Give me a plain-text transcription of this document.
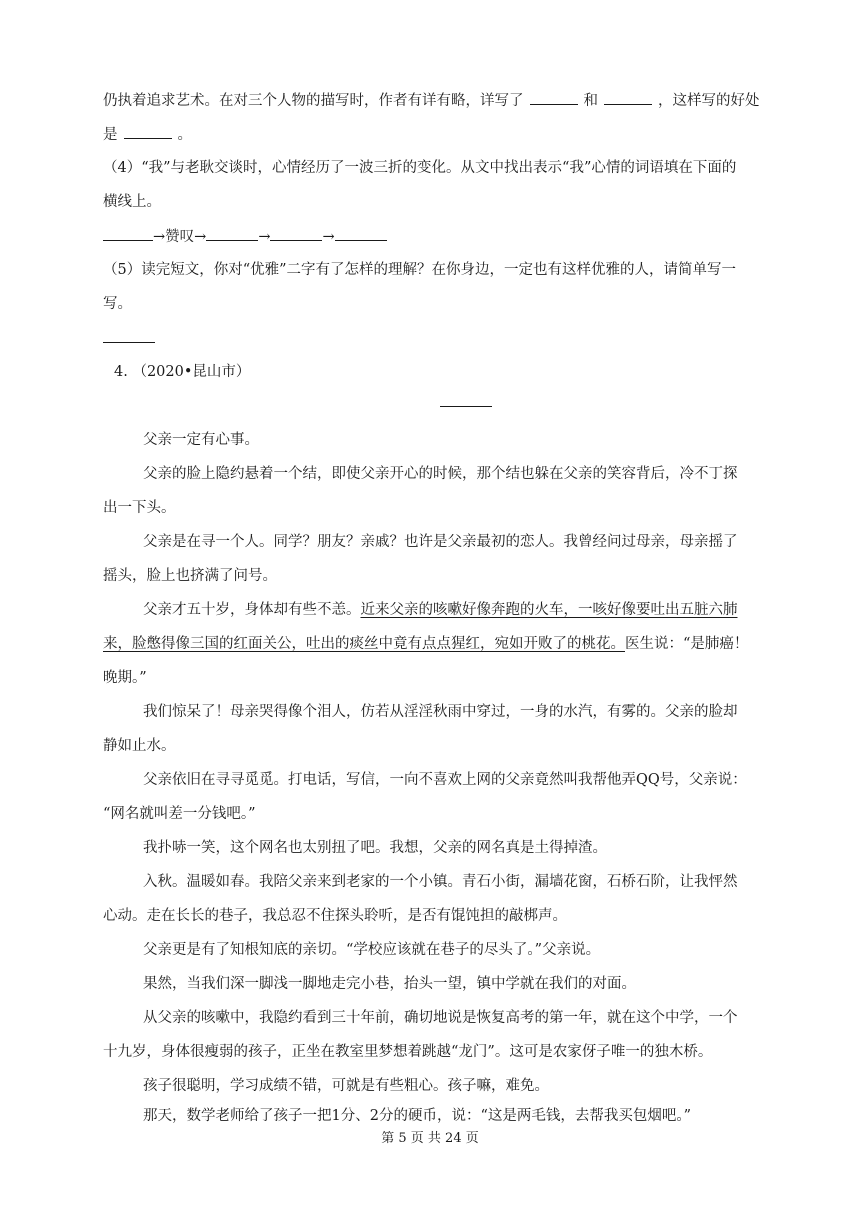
仍执着追求艺术。在对三个人物的描写时，作者有详有略，详写了	和	，这样写的好处
是	。
（4）“我”与老耿交谈时，心情经历了一波三折的变化。从文中找出表示“我”心情的词语填在下面的
横线上。
→赞叹→	→	→
（5）读完短文，你对“优雅”二字有了怎样的理解？在你身边，一定也有这样优雅的人，请简单写一
写。
4. （2020•昆山市）
父亲一定有心事。
父亲的脸上隐约悬着一个结，即使父亲开心的时候，那个结也躲在父亲的笑容背后，冷不丁探
出一下头。
父亲是在寻一个人。同学？朋友？亲戚？也许是父亲最初的恋人。我曾经问过母亲，母亲摇了
摇头，脸上也挤满了问号。
父亲才五十岁，身体却有些不恙。近来父亲的咳嗽好像奔跑的火车，一咳好像要吐出五脏六肺
来，脸憋得像三国的红面关公，吐出的痰丝中竟有点点猩红，宛如开败了的桃花。医生说：“是肺癌！
晚期。”
我们惊呆了！母亲哭得像个泪人，仿若从淫淫秋雨中穿过，一身的水汽，有雾的。父亲的脸却
静如止水。
父亲依旧在寻寻觅觅。打电话，写信，一向不喜欢上网的父亲竟然叫我帮他弄QQ号，父亲说：
“网名就叫差一分钱吧。”
我扑哧一笑，这个网名也太别扭了吧。我想，父亲的网名真是土得掉渣。
入秋。温暖如春。我陪父亲来到老家的一个小镇。青石小街，漏墙花窗，石桥石阶，让我怦然
心动。走在长长的巷子，我总忍不住探头聆听，是否有馄饨担的敲梆声。
父亲更是有了知根知底的亲切。“学校应该就在巷子的尽头了。”父亲说。
果然，当我们深一脚浅一脚地走完小巷，抬头一望，镇中学就在我们的对面。
从父亲的咳嗽中，我隐约看到三十年前，确切地说是恢复高考的第一年，就在这个中学，一个
十九岁，身体很瘦弱的孩子，正坐在教室里梦想着跳越“龙门”。这可是农家伢子唯一的独木桥。
孩子很聪明，学习成绩不错，可就是有些粗心。孩子嘛，难免。
那天，数学老师给了孩子一把1分、2分的硬币，说：“这是两毛钱，去帮我买包烟吧。”
第 5 页 共 24 页
